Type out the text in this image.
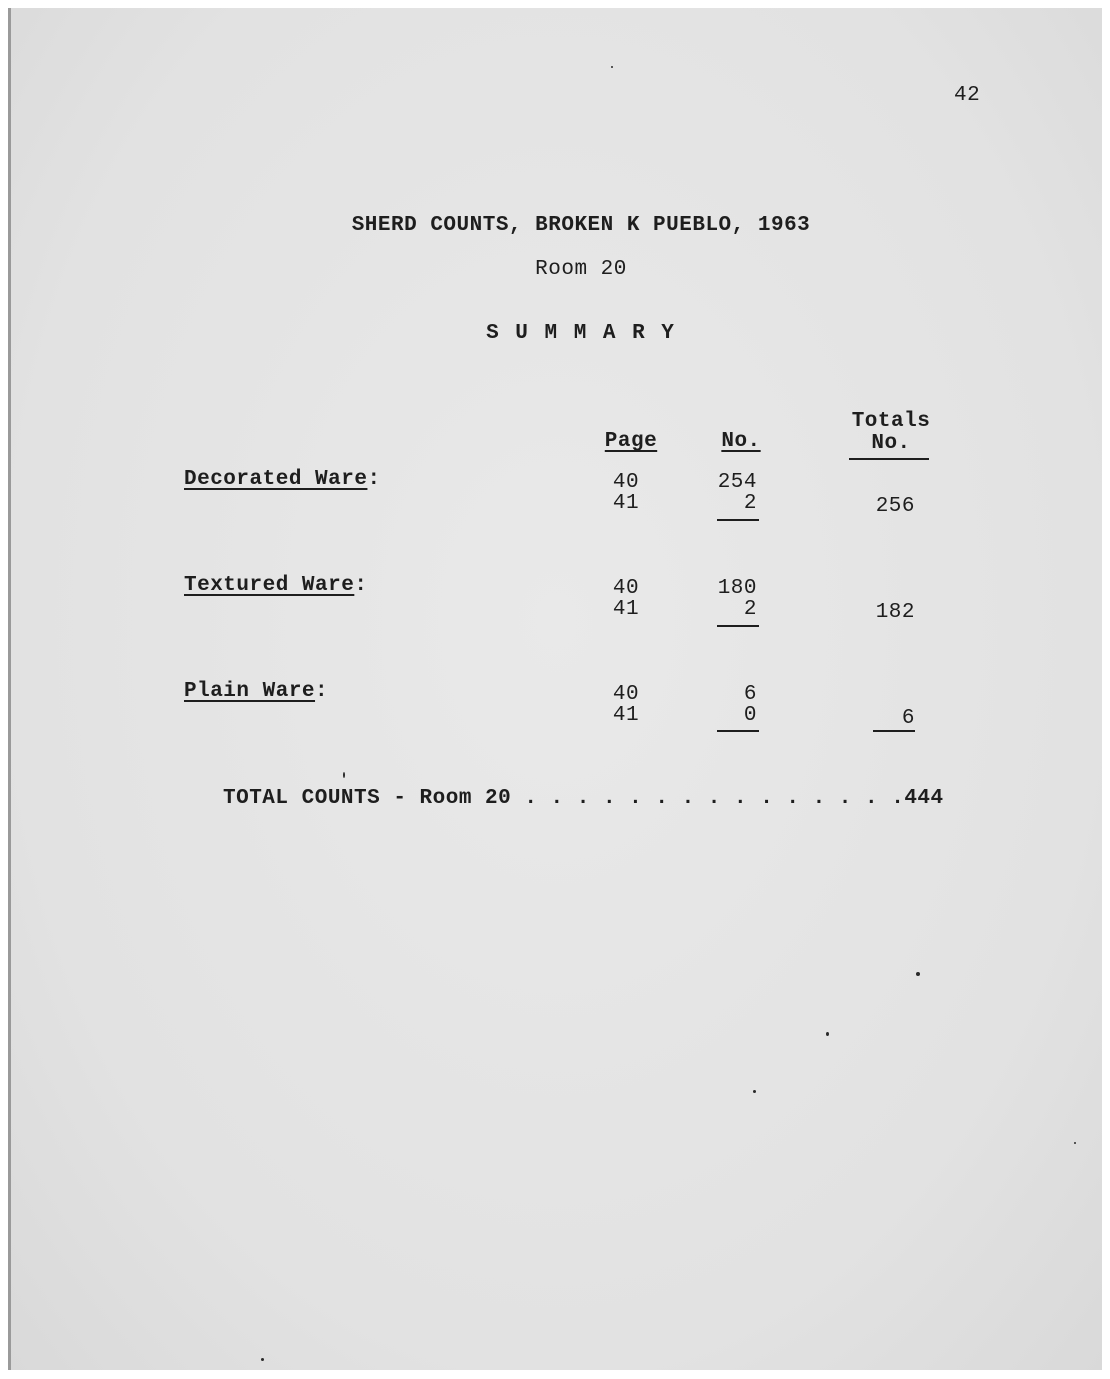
42
SHERD COUNTS, BROKEN K PUEBLO, 1963
Room 20
S U M M A R Y
Page	No.
Totals
No.
Decorated Ware:	40	254
41	2	256
Textured Ware:	40	180
41	2	182
Plain Ware:	40	6
41	0	6
TOTAL COUNTS - Room 20 . . . . . . . . . . . . . . .444
